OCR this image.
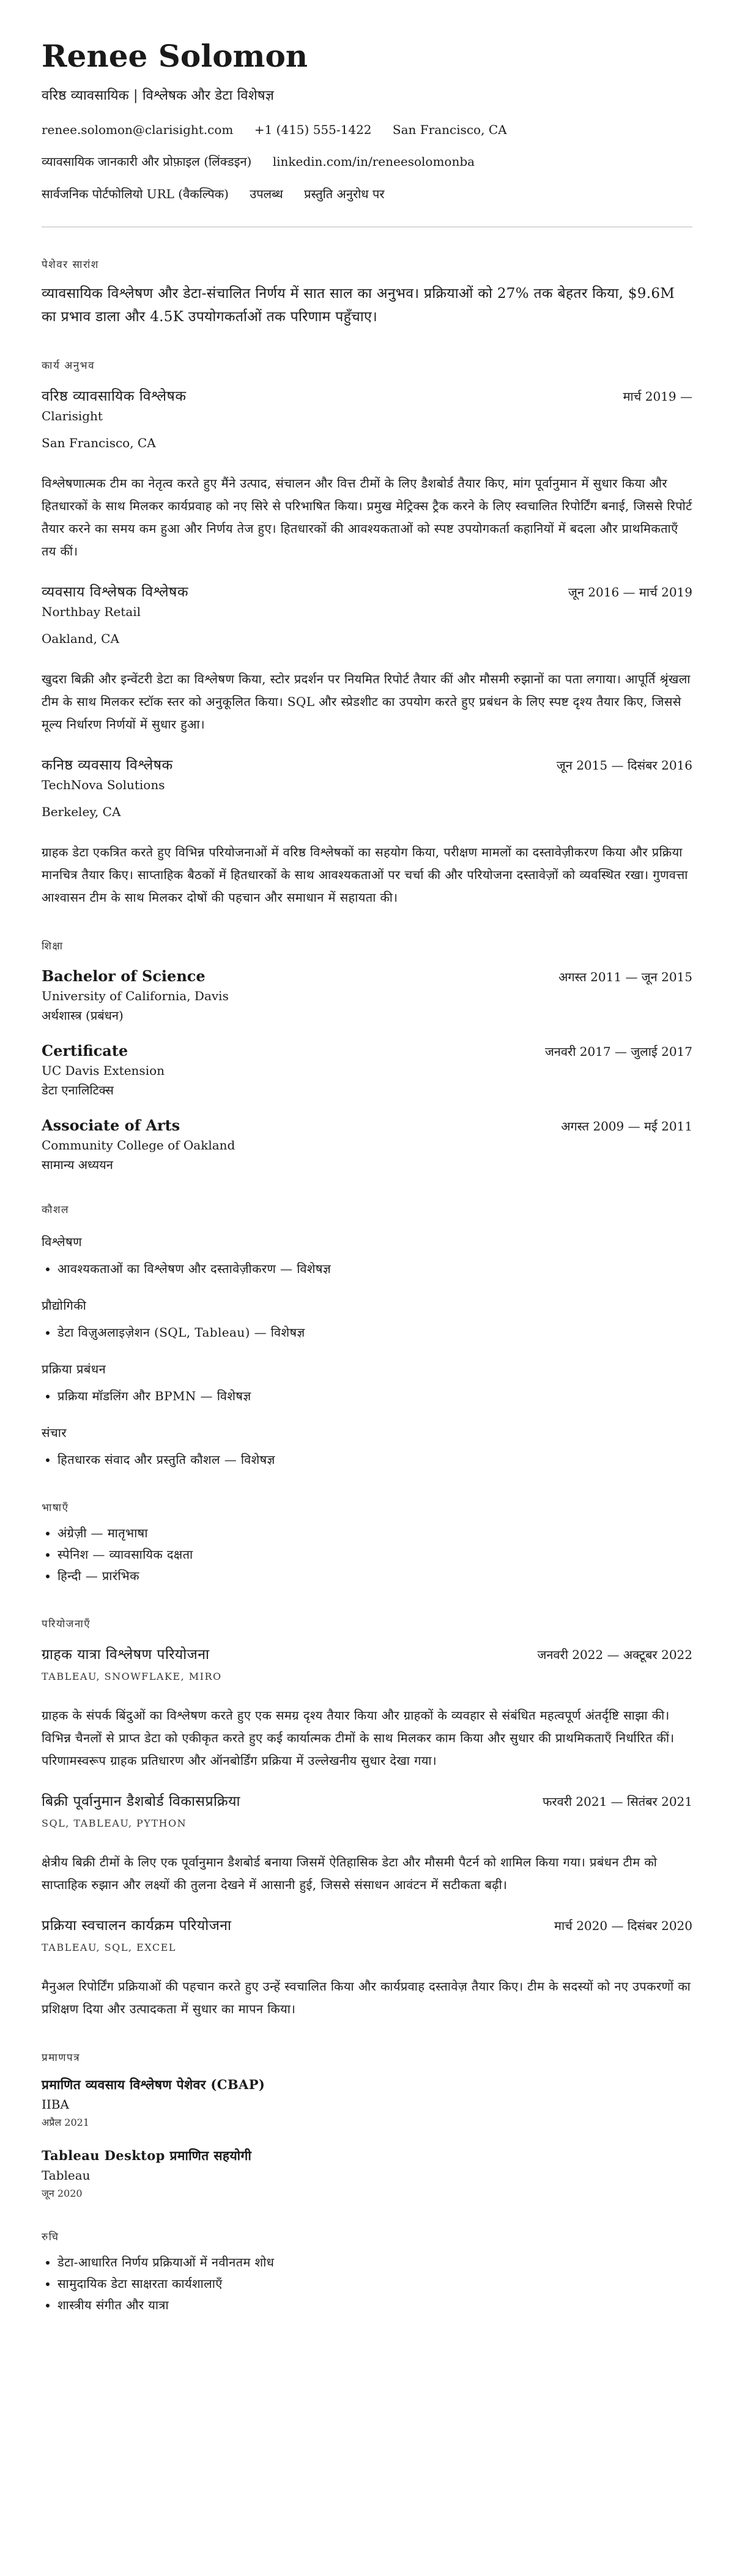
Renee Solomon
वरिष्ठ व्यावसायिक | विश्लेषक और डेटा विशेषज्ञ
renee.solomon@clarisight.com +1 (415) 555-1422 San Francisco, CA
व्यावसायिक जानकारी और प्रोफ़ाइल (लिंक्डइन) linkedin.com/in/reneesolomonba
सार्वजनिक पोर्टफोलियो URL (वैकल्पिक) उपलब्ध प्रस्तुति अनुरोध पर
पेशेवर सारांश
व्यावसायिक विश्लेषण और डेटा-संचालित निर्णय में सात साल का अनुभव। प्रक्रियाओं को 27% तक बेहतर किया, $9.6M का प्रभाव डाला और 4.5K उपयोगकर्ताओं तक परिणाम पहुँचाए।
कार्य अनुभव
वरिष्ठ व्यावसायिक विश्लेषक	मार्च 2019 —
Clarisight
San Francisco, CA
विश्लेषणात्मक टीम का नेतृत्व करते हुए मैंने उत्पाद, संचालन और वित्त टीमों के लिए डैशबोर्ड तैयार किए, मांग पूर्वानुमान में सुधार किया और हितधारकों के साथ मिलकर कार्यप्रवाह को नए सिरे से परिभाषित किया। प्रमुख मेट्रिक्स ट्रैक करने के लिए स्वचालित रिपोर्टिंग बनाई, जिससे रिपोर्ट तैयार करने का समय कम हुआ और निर्णय तेज हुए। हितधारकों की आवश्यकताओं को स्पष्ट उपयोगकर्ता कहानियों में बदला और प्राथमिकताएँ तय कीं।
व्यवसाय विश्लेषक विश्लेषक	जून 2016 — मार्च 2019
Northbay Retail
Oakland, CA
खुदरा बिक्री और इन्वेंटरी डेटा का विश्लेषण किया, स्टोर प्रदर्शन पर नियमित रिपोर्ट तैयार कीं और मौसमी रुझानों का पता लगाया। आपूर्ति श्रृंखला टीम के साथ मिलकर स्टॉक स्तर को अनुकूलित किया। SQL और स्प्रेडशीट का उपयोग करते हुए प्रबंधन के लिए स्पष्ट दृश्य तैयार किए, जिससे मूल्य निर्धारण निर्णयों में सुधार हुआ।
कनिष्ठ व्यवसाय विश्लेषक	जून 2015 — दिसंबर 2016
TechNova Solutions
Berkeley, CA
ग्राहक डेटा एकत्रित करते हुए विभिन्न परियोजनाओं में वरिष्ठ विश्लेषकों का सहयोग किया, परीक्षण मामलों का दस्तावेज़ीकरण किया और प्रक्रिया मानचित्र तैयार किए। साप्ताहिक बैठकों में हितधारकों के साथ आवश्यकताओं पर चर्चा की और परियोजना दस्तावेज़ों को व्यवस्थित रखा। गुणवत्ता आश्वासन टीम के साथ मिलकर दोषों की पहचान और समाधान में सहायता की।
शिक्षा
Bachelor of Science	अगस्त 2011 — जून 2015
University of California, Davis
अर्थशास्त्र (प्रबंधन)
Certificate	जनवरी 2017 — जुलाई 2017
UC Davis Extension
डेटा एनालिटिक्स
Associate of Arts	अगस्त 2009 — मई 2011
Community College of Oakland
सामान्य अध्ययन
कौशल
विश्लेषण
• आवश्यकताओं का विश्लेषण और दस्तावेज़ीकरण — विशेषज्ञ
प्रौद्योगिकी
• डेटा विज़ुअलाइज़ेशन (SQL, Tableau) — विशेषज्ञ
प्रक्रिया प्रबंधन
• प्रक्रिया मॉडलिंग और BPMN — विशेषज्ञ
संचार
• हितधारक संवाद और प्रस्तुति कौशल — विशेषज्ञ
भाषाएँ
• अंग्रेज़ी — मातृभाषा
• स्पेनिश — व्यावसायिक दक्षता
• हिन्दी — प्रारंभिक
परियोजनाएँ
ग्राहक यात्रा विश्लेषण परियोजना	जनवरी 2022 — अक्टूबर 2022
TABLEAU, SNOWFLAKE, MIRO
ग्राहक के संपर्क बिंदुओं का विश्लेषण करते हुए एक समग्र दृश्य तैयार किया और ग्राहकों के व्यवहार से संबंधित महत्वपूर्ण अंतर्दृष्टि साझा की। विभिन्न चैनलों से प्राप्त डेटा को एकीकृत करते हुए कई कार्यात्मक टीमों के साथ मिलकर काम किया और सुधार की प्राथमिकताएँ निर्धारित कीं। परिणामस्वरूप ग्राहक प्रतिधारण और ऑनबोर्डिंग प्रक्रिया में उल्लेखनीय सुधार देखा गया।
बिक्री पूर्वानुमान डैशबोर्ड विकासप्रक्रिया	फरवरी 2021 — सितंबर 2021
SQL, TABLEAU, PYTHON
क्षेत्रीय बिक्री टीमों के लिए एक पूर्वानुमान डैशबोर्ड बनाया जिसमें ऐतिहासिक डेटा और मौसमी पैटर्न को शामिल किया गया। प्रबंधन टीम को साप्ताहिक रुझान और लक्ष्यों की तुलना देखने में आसानी हुई, जिससे संसाधन आवंटन में सटीकता बढ़ी।
प्रक्रिया स्वचालन कार्यक्रम परियोजना	मार्च 2020 — दिसंबर 2020
TABLEAU, SQL, EXCEL
मैनुअल रिपोर्टिंग प्रक्रियाओं की पहचान करते हुए उन्हें स्वचालित किया और कार्यप्रवाह दस्तावेज़ तैयार किए। टीम के सदस्यों को नए उपकरणों का प्रशिक्षण दिया और उत्पादकता में सुधार का मापन किया।
प्रमाणपत्र
प्रमाणित व्यवसाय विश्लेषण पेशेवर (CBAP)
IIBA
अप्रैल 2021
Tableau Desktop प्रमाणित सहयोगी
Tableau
जून 2020
रुचि
• डेटा-आधारित निर्णय प्रक्रियाओं में नवीनतम शोध
• सामुदायिक डेटा साक्षरता कार्यशालाएँ
• शास्त्रीय संगीत और यात्रा
